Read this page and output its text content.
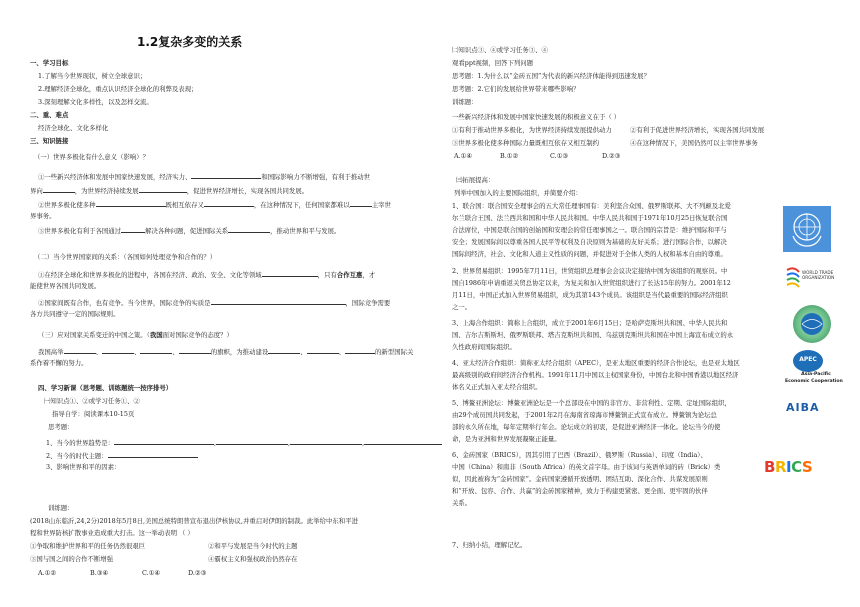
1.2复杂多变的关系
一、学习目标
1.了解当今世界现状，树立全球意识；
2.理解经济全球化，重点认识经济全球化的利弊及表现；
3.深刻理解文化多样性，以及怎样交流。
二、重、难点
经济全球化、文化多样化
三、知识链接
（一）世界多极化有什么意义（影响）？
①一些新兴经济体和发展中国家快速发展，经济实力、	和国际影响力不断增强，有利于推动世
界向	，为世界经济持续发展	，促进世界经济增长，实现各国共同发展。
②世界多极化使多种	既相互依存又	，在这种情况下，任何国家都难以	主宰世
界事务。
③世界多极化有利于各国通过	解决各种问题，促进国际关系	，推动世界和平与发展。
（二）当今世界国家间的关系：（各国如何处理竞争和合作的？）
①在经济全球化和世界多极化的进程中，各国在经济、政治、安全、文化等领域	，只有合作互惠，才
能使世界各国共同发展。
②国家间既有合作，也有竞争。当今世界，国际竞争的实质是	，国际竞争需要
各方共同遵守一定的国际规则。
（三）应对国家关系变迁的中国之策。（我国面对国际竞争的态度？）
我国高举	、	、	、	的旗帜，为推动建设	、	、	的新型国际关
系作着不懈的努力。
四、学习新课（思考题、训练题统一按序排号）
㈠知识点①、②或学习任务①、②
指导自学：阅读课本10-15页
思考题：
1、当今的世界趋势是：	,	,	,
2、当今的时代主题：
3、影响世界和平的因素：
训练题：
(2018山东临沂,24,2分)2018年5月8日,美国总统特朗普宣布退出伊核协议,并重启对伊朗的制裁。此举给中东和平进
程和世界防核扩散事业造成重大打击。这一举动表明 （ ）
①争取和维护世界和平的任务仍然很艰巨	②和平与发展是当今时代的主题
③国与国之间的合作不断增强	④霸权主义和强权政治仍然存在
A.①②	B.③④	C.①④	D.②③
㈡知识点③、④或学习任务③、④
观看ppt视频，回答下列问题
思考题：1.为什么以“金砖五国”为代表的新兴经济体能得到迅速发展？
思考题：2.它们的发展给世界带来哪些影响？
训练题：
一些新兴经济体和发展中国家快速发展的积极意义在于（ ）
①有利于推动世界多极化，为世界经济持续发展提供动力	②有利于促进世界经济增长，实现各国共同发展
③世界多极化使多种国际力量既相互依存又相互制约	④在这种情况下，美国仍然可以主宰世界事务
A.①④	B.①②	C.①③	D.②③
㈢拓展提高：
列举中国加入的主要国际组织，并简要介绍：
1、联合国：联合国安全理事会的五大常任理事国有：美利坚合众国、俄罗斯联邦、大不列颠及北爱
尔兰联合王国、法兰西共和国和中华人民共和国。中华人民共和国于1971年10月25日恢复联合国
合法席位，中国是联合国的创始国和安理会的常任理事国之一。联合国的宗旨是：维护国际和平与
安全；发展国际间以尊重各国人民平等权利及自决原则为基础的友好关系；进行国际合作，以解决
国际间经济，社会、文化和人道主义性质的问题，并促进对于全体人类的人权和基本自由的尊重。
2、世界贸易组织：1995年7月11日，世贸组织总理事会会议决定接纳中国为该组织的观察员。中
国自1986年申请重返关贸总协定以来，为复关和加入世贸组织进行了长达15年的努力。2001年12
月11日，中国正式加入世界贸易组织，成为其第143个成员。该组织是当代最重要的国际经济组织
之一。
3、上海合作组织：简称上合组织，成立于2001年6月15日；是哈萨克斯坦共和国、中华人民共和
国、吉尔吉斯斯坦、俄罗斯联邦、塔吉克斯坦共和国、乌兹别克斯坦共和国在中国上海宣布成立的永
久性政府间国际组织。
4、亚太经济合作组织：简称亚太经合组织（APEC），是亚太地区重要的经济合作论坛，也是亚太地区
最高级别的政府间经济合作机构。1991年11月中国以主权国家身份，中国台北和中国香港以地区经济
体名义正式加入亚太经合组织。
5、博鳌亚洲论坛：博鳌亚洲论坛是一个总部设在中国的非官方、非营利性、定期、定址国际组织，
由29个成员国共同发起，于2001年2月在海南省琼海市博鳌镇正式宣布成立。博鳌镇为论坛总
部的永久所在地，每年定期举行年会。论坛成立的初衷，是促进亚洲经济一体化。论坛当今的使
命，是为亚洲和世界发展凝聚正能量。
6、金砖国家（BRICS），因其引用了巴西（Brazil）、俄罗斯（Russia）、印度（India）、
中国（China）和南非（South Africa）的英文首字母。由于该词与英语单词的砖（Brick）类
似，因此被称为“金砖国家”。金砖国家遵循开放透明、团结互助、深化合作、共谋发展原则
和“开放、包容、合作、共赢”的金砖国家精神，致力于构建更紧密、更全面、更牢固的伙伴
关系。
7、归纳小结，理解记忆。
WORLD TRADE ORGANIZATION
APEC
Asia-Pacific
Economic Cooperation
AIBA
BRICS
